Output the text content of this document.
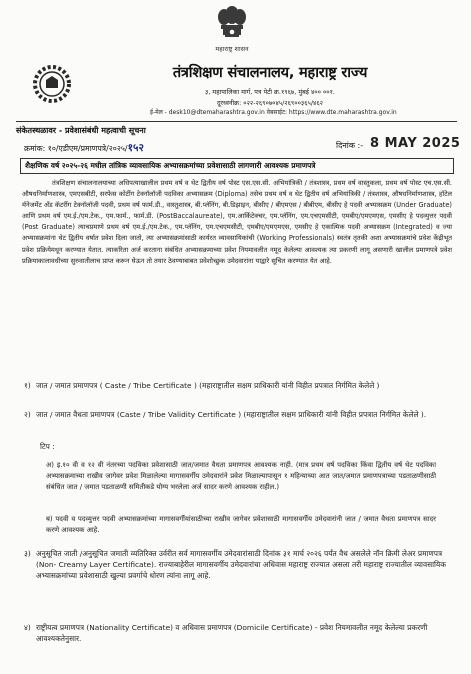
महाराष्ट्र शासन
तंत्रशिक्षण संचालनालय, महाराष्ट्र राज्य
३, महापालिका मार्ग, पत्र पेटी क्र.१९६७, मुंबई ४०० ००१.
दूरध्वनीक्र: ०२२-२६९०७०४५/२६९००३६५/४६२
ई-मेल - desk10@dtemaharashtra.gov.in वेबसाईट: https://www.dte.maharashtra.gov.in
संकेतस्थळावर - प्रवेशासंबंधी महत्वाची सूचना
क्रमांक: १०/एडीएम/प्रमाणपत्रे/२०२५/१५२	दिनांक :- 8 MAY 2025
शैक्षणिक वर्ष २०२५-२६ मधील तांत्रिक व्यावसायिक अभ्यासक्रमांच्या प्रवेशासाठी लागणारी आवश्यक प्रमाणपत्रे
तंत्रशिक्षण संचालनालयाच्या अधिपत्याखालील प्रथम वर्ष व थेट द्वितीय वर्ष पोस्ट एस.एस.सी. अभियांत्रिकी / तंत्रशास्त्र, प्रथम वर्ष वास्तुकला, प्रथम वर्ष पोस्ट एच.एस.सी. औषधनिर्माणशास्त्र, एमएसबीटी, सरफेस कोटींग टेक्नॉलॉजी पदविका अभ्यासक्रम (Diploma) तसेच प्रथम वर्ष व थेट द्वितीय वर्ष अभियांत्रिकी / तंत्रशास्त्र, औषधनिर्माणशास्त्र, हॉटेल मॅनेजमेंट अँड कॅटरींग टेक्नॉलॉजी पदवी, प्रथम वर्ष फार्म.डी., वास्तुशास्त्र, बी.प्लॅनिंग, बी.डिझाइन, बीसीए / बीएमएस / बीबीएम, बीसीए हे पदवी अभ्यासक्रम (Under Graduate) आणि प्रथम वर्ष एम.ई./एम.टेक., एम.फार्म., फार्म.डी. (PostBaccalaureate), एम.आर्किटेक्चर, एम.प्लॅनिंग, एम.एचएमसीटी, एमबीए/एमएमएस, एमसीए हे पदव्युत्तर पदवी (Post Graduate) त्याचप्रमाणे प्रथम वर्ष एम.ई./एम.टेक., एम.प्लॅनिंग, एम.एचएमसीटी, एमबीए/एमएमएस, एमसीए हे एकात्मिक पदवी अभ्यासक्रम (Integrated) व ज्या अभ्यासक्रमांना थेट द्वितीय वर्षात प्रवेश दिला जातो, त्या अभ्यासक्रमांसाठी कार्यरत व्यावसायिकांची (Working Professionals) स्वतंत्र तृतकी अशा अभ्यासक्रमांचे प्रवेश केंद्रीभूत प्रवेश प्रक्रियेमधून करण्यात येतात. त्याकरिता अर्ज करताना संबंधित अभ्यासक्रमाच्या प्रवेश नियमावलीत नमूद केलेल्या आवश्यक त्या प्रकरणी लागू असणारी खालील प्रमाणपत्रे प्रवेश प्रक्रियाकालावधीच्या सुरुवातीलाच प्राप्त करून घेऊन तो तयार ठेवण्याबाबत प्रवेशोच्छुक उमेदवारांना याद्वारे सूचित करण्यात येत आहे.
१) जात / जमात प्रमाणपत्र ( Caste / Tribe Certificate ) (महाराष्ट्रातील सक्षम प्राधिकारी यांनी विहीत प्रपत्रात निर्गमित केलेले )
२) जात / जमात वैधता प्रमाणपत्र (Caste / Tribe Validity Certificate ) (महाराष्ट्रातील सक्षम प्राधिकारी यांनी विहीत प्रपत्रात निर्गमित केलेले ).
टिप :
अ) इ.१० वी व १२ वी नंतरच्या पदविका प्रवेशासाठी जात/जमात वैधता प्रमाणपत्र आवश्यक नाही. (मात्र प्रथम वर्ष पदविका किंवा द्वितीय वर्ष थेट पदविका अभ्यासक्रमाच्या राखीव जागेवर प्रवेश मिळालेल्या मागासवर्गीय उमेदवारांने प्रवेश मिळाल्यापासून १ महिन्याच्या आत जात/जमात प्रमाणपत्राच्या पडताळणीसाठी संबंधित जात / जमात पडताळणी समितीकडे योग्य भरलेला अर्ज सादर करणे आवश्यक राहील.)
ब) पदवी व पदव्युत्तर पदवी अभ्यासक्रमांच्या मागासवर्गीयांसाठीच्या राखीव जागेवर प्रवेशासाठी मागासवर्गीय उमेदवारांनी जात / जमात वैधता प्रमाणपत्र सादर करणे आवश्यक आहे.
३) अनुसूचित जाती /अनुसूचित जमाती व्यतिरिक्त उर्वरीत सर्व मागासवर्गीय उमेदवारांसाठी दिनांक ३१ मार्च २०२६ पर्यंत वैध असलेले नॉन क्रिमी लेअर प्रमाणपत्र (Non- Creamy Layer Certificate). राज्याबाहेरील मागासवर्गीय उमेदवारांचा अधिवास महाराष्ट्र राज्यात असला तरी महाराष्ट्र राज्यातील व्यावसायिक अभ्यासक्रमांच्या प्रवेशासाठी खुल्या प्रवर्गाचे धोरण त्यांना लागू आहे.
४) राष्ट्रीयत्व प्रमाणपत्र (Nationality Certificate) व अधिवास प्रमाणपत्र (Domicile Certificate) - प्रवेश नियमावलीत नमूद केलेल्या प्रकरणी आवश्यकतेनुसार.
